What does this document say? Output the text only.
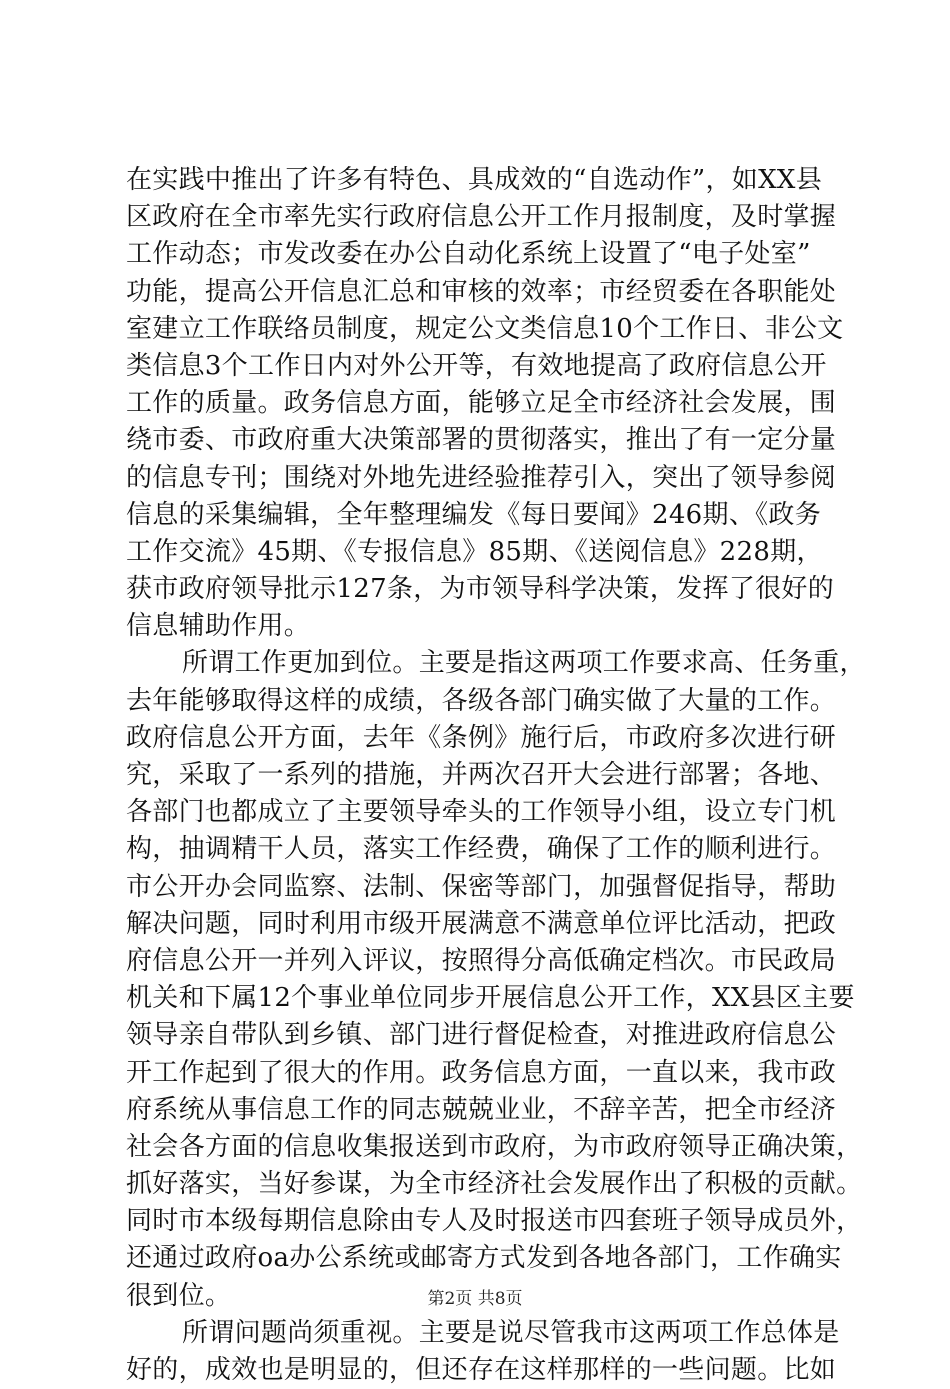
在实践中推出了许多有特色、具成效的“自选动作”，如XX县
区政府在全市率先实行政府信息公开工作月报制度，及时掌握
工作动态；市发改委在办公自动化系统上设置了“电子处室”
功能，提高公开信息汇总和审核的效率；市经贸委在各职能处
室建立工作联络员制度，规定公文类信息10个工作日、非公文
类信息3个工作日内对外公开等，有效地提高了政府信息公开
工作的质量。政务信息方面，能够立足全市经济社会发展，围
绕市委、市政府重大决策部署的贯彻落实，推出了有一定分量
的信息专刊；围绕对外地先进经验推荐引入，突出了领导参阅
信息的采集编辑，全年整理编发《每日要闻》246期、《政务
工作交流》45期、《专报信息》85期、《送阅信息》228期，
获市政府领导批示127条，为市领导科学决策，发挥了很好的
信息辅助作用。
所谓工作更加到位。主要是指这两项工作要求高、任务重，
去年能够取得这样的成绩，各级各部门确实做了大量的工作。
政府信息公开方面，去年《条例》施行后，市政府多次进行研
究，采取了一系列的措施，并两次召开大会进行部署；各地、
各部门也都成立了主要领导牵头的工作领导小组，设立专门机
构，抽调精干人员，落实工作经费，确保了工作的顺利进行。
市公开办会同监察、法制、保密等部门，加强督促指导，帮助
解决问题，同时利用市级开展满意不满意单位评比活动，把政
府信息公开一并列入评议，按照得分高低确定档次。市民政局
机关和下属12个事业单位同步开展信息公开工作，XX县区主要
领导亲自带队到乡镇、部门进行督促检查，对推进政府信息公
开工作起到了很大的作用。政务信息方面，一直以来，我市政
府系统从事信息工作的同志兢兢业业，不辞辛苦，把全市经济
社会各方面的信息收集报送到市政府，为市政府领导正确决策，
抓好落实，当好参谋，为全市经济社会发展作出了积极的贡献。
同时市本级每期信息除由专人及时报送市四套班子领导成员外，
还通过政府oa办公系统或邮寄方式发到各地各部门，工作确实
很到位。
所谓问题尚须重视。主要是说尽管我市这两项工作总体是
好的，成效也是明显的，但还存在这样那样的一些问题。比如
第2页 共8页
